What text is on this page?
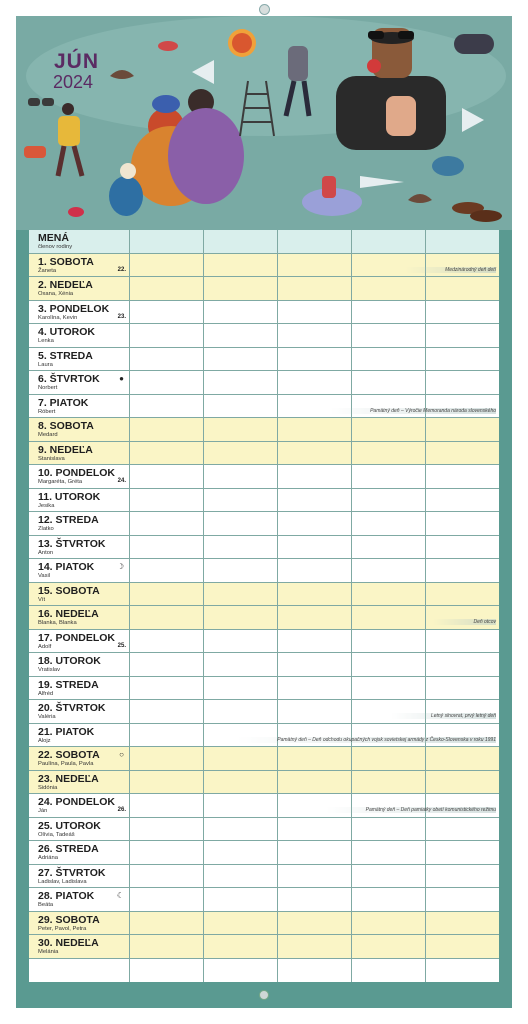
JÚN
2024
MENÁ
členov rodiny
1. SOBOTA
Žaneta	22.	Medzinárodný deň detí
2. NEDEĽA
Oxana, Xénia
3. PONDELOK
Karolína, Kevin	23.
4. UTOROK
Lenka
5. STREDA
Laura
6. ŠTVRTOK
Norbert
●
7. PIATOK
Róbert	Pamätný deň – Výročie Memoranda národa slovenského
8. SOBOTA
Medard
9. NEDEĽA
Stanislava
10. PONDELOK
Margaréta, Gréta	24.
11. UTOROK
Jesika
12. STREDA
Zlatko
13. ŠTVRTOK
Anton
14. PIATOK
Vasil
☽
15. SOBOTA
Vít
16. NEDEĽA
Blanka, Blanka	Deň otcov
17. PONDELOK
Adolf	25.
18. UTOROK
Vratislav
19. STREDA
Alfréd
20. ŠTVRTOK
Valéria	Letný slnovrat, prvý letný deň
21. PIATOK
Alojz	Pamätný deň – Deň odchodu okupačných vojsk sovietskej armády z Česko-Slovenska v roku 1991
22. SOBOTA
Paulína, Paula, Pavla
○
23. NEDEĽA
Sidónia
24. PONDELOK
Ján	26.	Pamätný deň – Deň pamiatky obetí komunistického režimu
25. UTOROK
Olívia, Tadeáš
26. STREDA
Adriána
27. ŠTVRTOK
Ladislav, Ladislava
28. PIATOK
Beáta
☾
29. SOBOTA
Peter, Pavol, Petra
30. NEDEĽA
Melánia
